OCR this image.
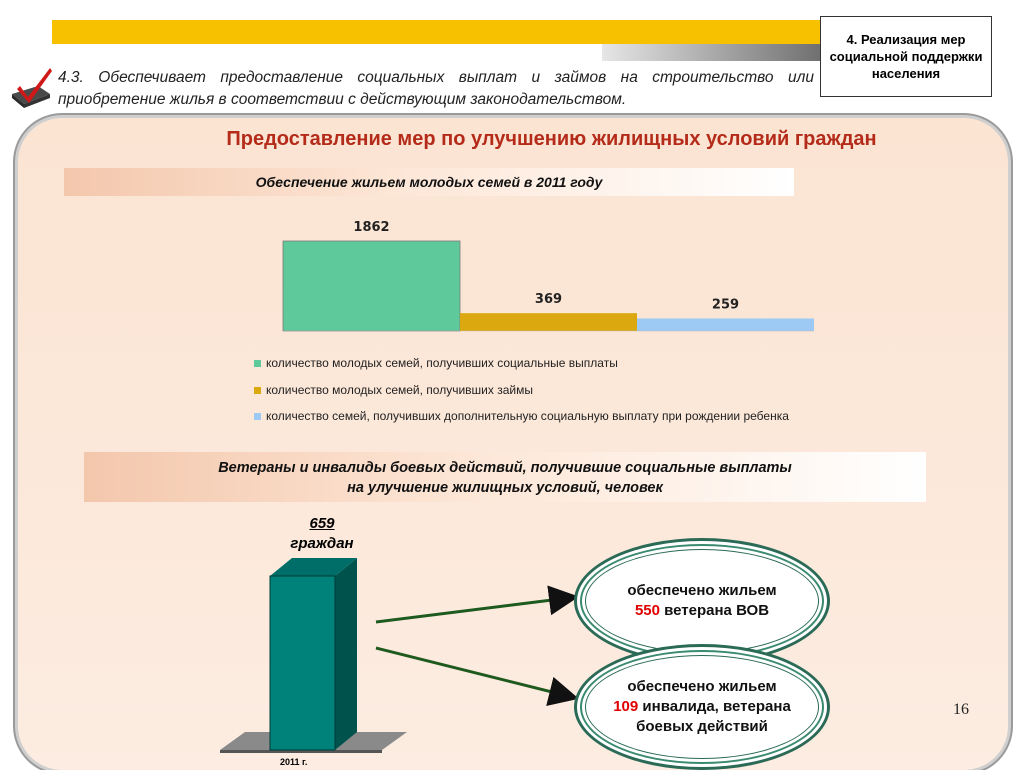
4. Реализация мер социальной поддержки населения
4.3. Обеспечивает предоставление социальных выплат и займов на строительство или приобретение жилья в соответствии с действующим законодательством.
Предоставление мер по улучшению жилищных условий граждан
Обеспечение жильем молодых семей в 2011 году
1862
369	259
количество молодых семей, получивших социальные выплаты
количество молодых семей, получивших займы
количество семей, получивших дополнительную социальную выплату при рождении ребенка
Ветераны и инвалиды боевых действий, получившие социальные выплаты
на улучшение жилищных условий, человек
659
граждан
2011 г.
обеспечено жильем
550 ветерана ВОВ
обеспечено жильем
109 инвалида, ветерана
боевых действий
16
